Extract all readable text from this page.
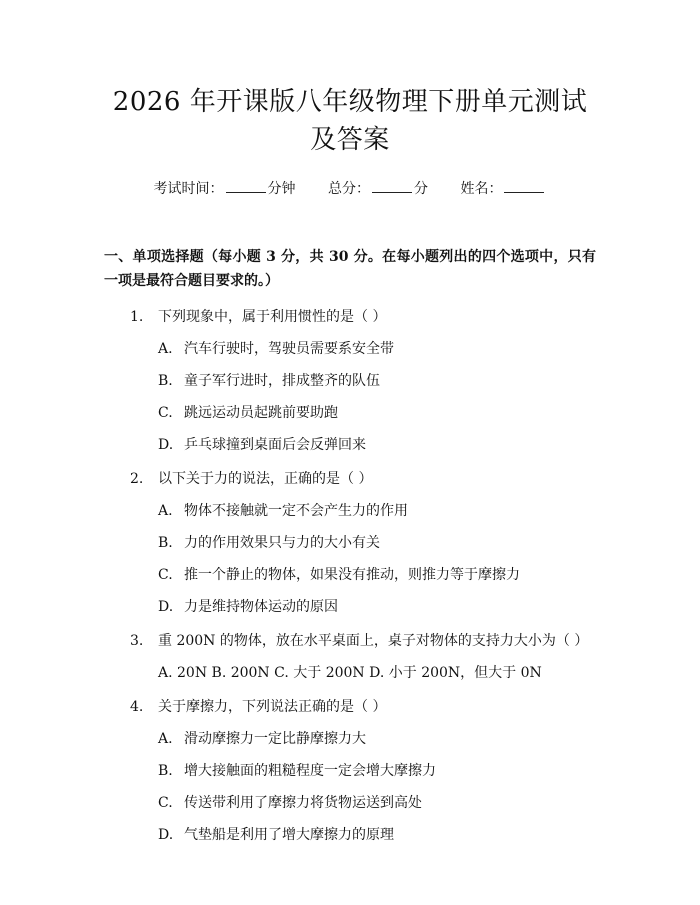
2026 年开课版八年级物理下册单元测试及答案
考试时间：	分钟 总分：	分 姓名：
一、单项选择题（每小题 3 分，共 30 分。在每小题列出的四个选项中，只有一项是最符合题目要求的。）
1.	下列现象中，属于利用惯性的是（ ）
A. 汽车行驶时，驾驶员需要系安全带
B. 童子军行进时，排成整齐的队伍
C. 跳远运动员起跳前要助跑
D. 乒乓球撞到桌面后会反弹回来
2.	以下关于力的说法，正确的是（ ）
A. 物体不接触就一定不会产生力的作用
B. 力的作用效果只与力的大小有关
C. 推一个静止的物体，如果没有推动，则推力等于摩擦力
D. 力是维持物体运动的原因
3.	重 200N 的物体，放在水平桌面上，桌子对物体的支持力大小为（ ）
A. 20N B. 200N C. 大于 200N D. 小于 200N，但大于 0N
4.	关于摩擦力，下列说法正确的是（ ）
A. 滑动摩擦力一定比静摩擦力大
B. 增大接触面的粗糙程度一定会增大摩擦力
C. 传送带利用了摩擦力将货物运送到高处
D. 气垫船是利用了增大摩擦力的原理
